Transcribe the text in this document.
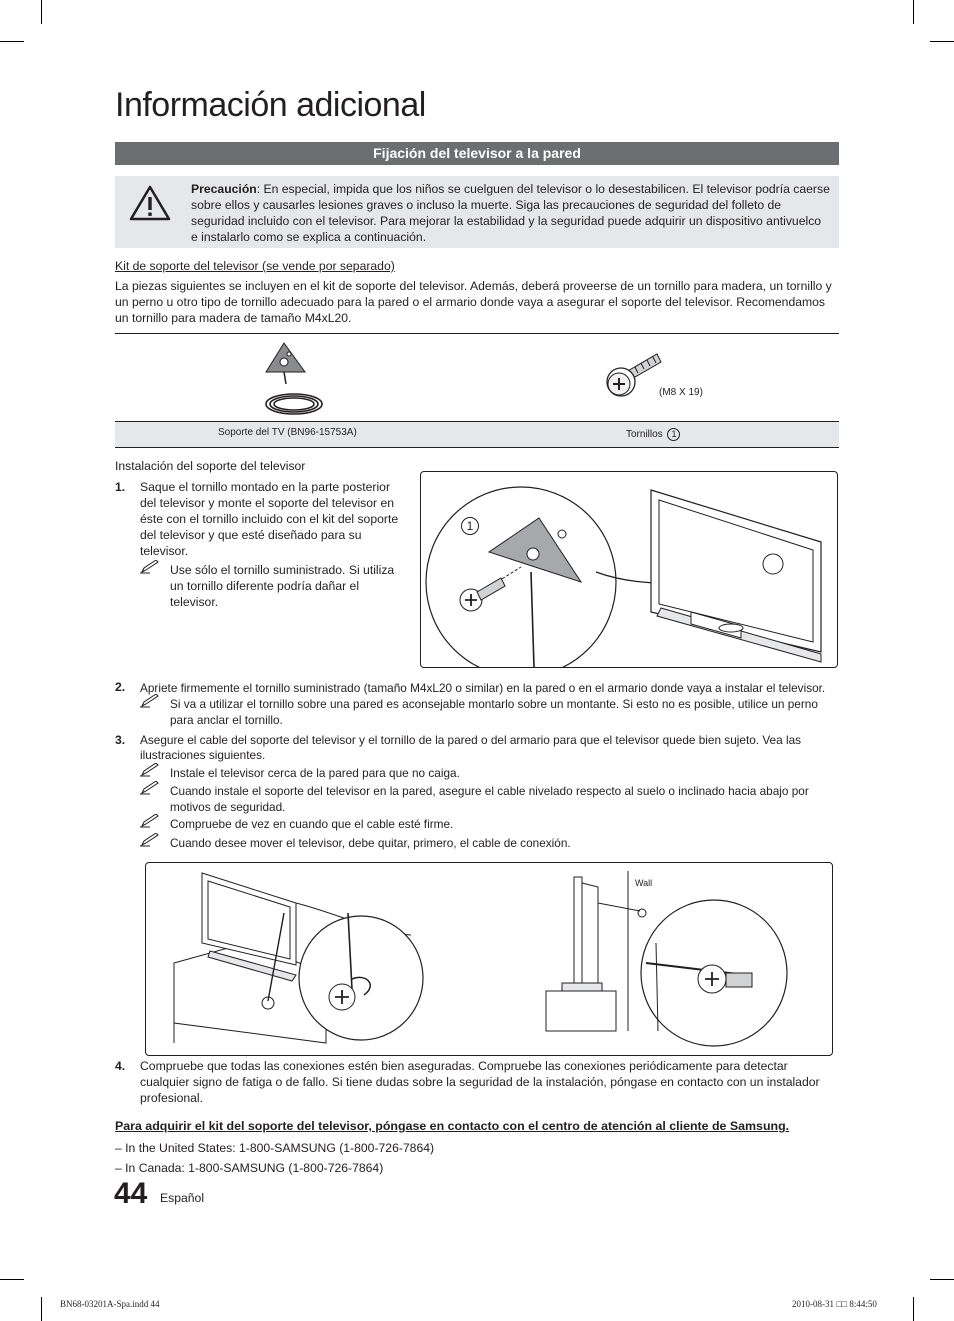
Información adicional
Fijación del televisor a la pared
Precaución: En especial, impida que los niños se cuelguen del televisor o lo desestabilicen. El televisor podría caerse sobre ellos y causarles lesiones graves o incluso la muerte. Siga las precauciones de seguridad del folleto de seguridad incluido con el televisor. Para mejorar la estabilidad y la seguridad puede adquirir un dispositivo antivuelco e instalarlo como se explica a continuación.
Kit de soporte del televisor (se vende por separado)
La piezas siguientes se incluyen en el kit de soporte del televisor. Además, deberá proveerse de un tornillo para madera, un tornillo y un perno u otro tipo de tornillo adecuado para la pared o el armario donde vaya a asegurar el soporte del televisor. Recomendamos un tornillo para madera de tamaño M4xL20.
(M8 X 19)
Soporte del TV (BN96-15753A)	Tornillos 1
Instalación del soporte del televisor
1. Saque el tornillo montado en la parte posterior del televisor y monte el soporte del televisor en éste con el tornillo incluido con el kit del soporte del televisor y que esté diseñado para su televisor.
Use sólo el tornillo suministrado. Si utiliza un tornillo diferente podría dañar el televisor.
1
2. Apriete firmemente el tornillo suministrado (tamaño M4xL20 o similar) en la pared o en el armario donde vaya a instalar el televisor.
Si va a utilizar el tornillo sobre una pared es aconsejable montarlo sobre un montante. Si esto no es posible, utilice un perno para anclar el tornillo.
3. Asegure el cable del soporte del televisor y el tornillo de la pared o del armario para que el televisor quede bien sujeto. Vea las ilustraciones siguientes.
Instale el televisor cerca de la pared para que no caiga.
Cuando instale el soporte del televisor en la pared, asegure el cable nivelado respecto al suelo o inclinado hacia abajo por motivos de seguridad.
Compruebe de vez en cuando que el cable esté firme.
Cuando desee mover el televisor, debe quitar, primero, el cable de conexión.
Wall
4. Compruebe que todas las conexiones estén bien aseguradas. Compruebe las conexiones periódicamente para detectar cualquier signo de fatiga o de fallo. Si tiene dudas sobre la seguridad de la instalación, póngase en contacto con un instalador profesional.
Para adquirir el kit del soporte del televisor, póngase en contacto con el centro de atención al cliente de Samsung.
– In the United States: 1-800-SAMSUNG (1-800-726-7864)
– In Canada: 1-800-SAMSUNG (1-800-726-7864)
44 Español
BN68-03201A-Spa.indd 44	2010-08-31 □□ 8:44:50
